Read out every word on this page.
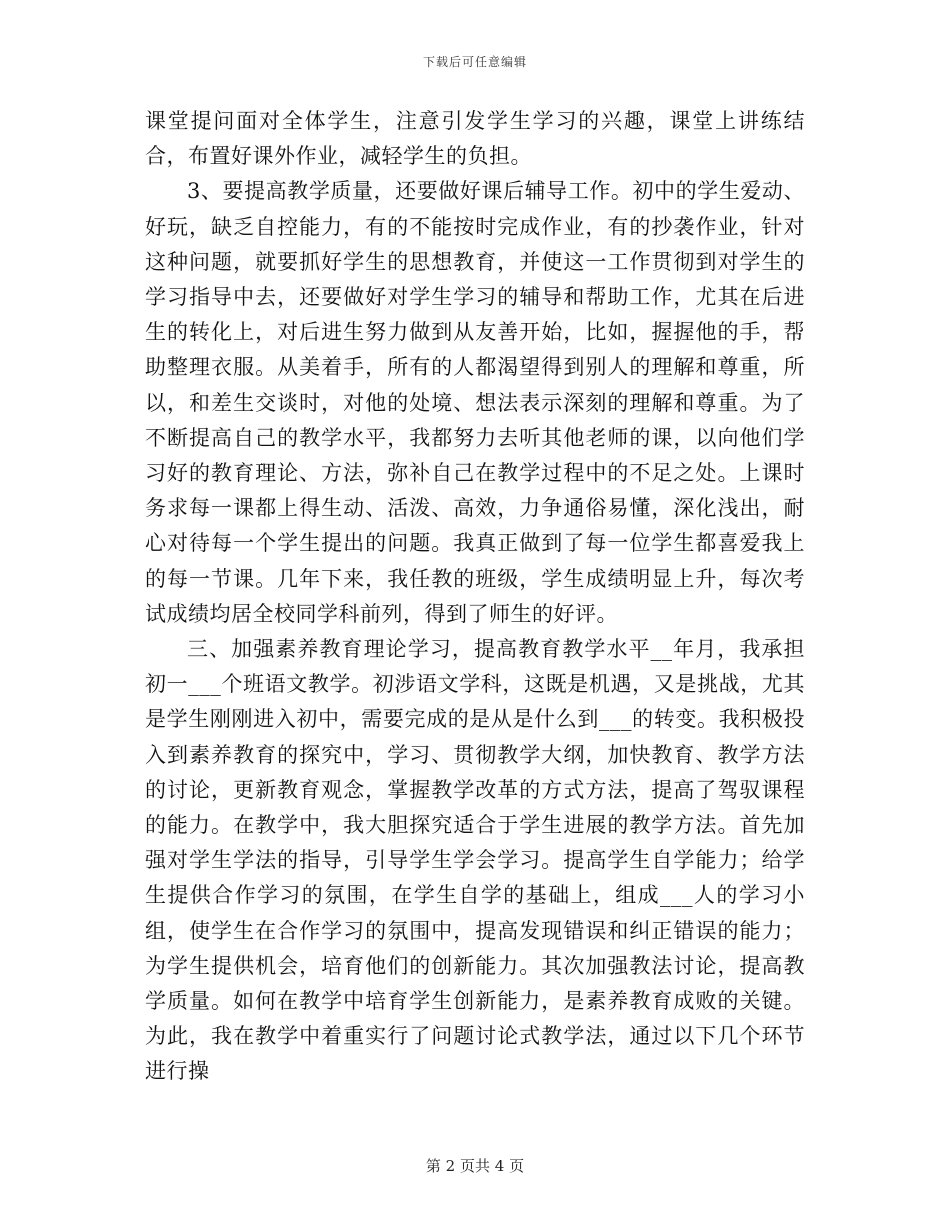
下载后可任意编辑

课堂提问面对全体学生，注意引发学生学习的兴趣，课堂上讲练结合，布置好课外作业，减轻学生的负担。

3、要提高教学质量，还要做好课后辅导工作。初中的学生爱动、好玩，缺乏自控能力，有的不能按时完成作业，有的抄袭作业，针对这种问题，就要抓好学生的思想教育，并使这一工作贯彻到对学生的学习指导中去，还要做好对学生学习的辅导和帮助工作，尤其在后进生的转化上，对后进生努力做到从友善开始，比如，握握他的手，帮助整理衣服。从美着手，所有的人都渴望得到别人的理解和尊重，所以，和差生交谈时，对他的处境、想法表示深刻的理解和尊重。为了不断提高自己的教学水平，我都努力去听其他老师的课，以向他们学习好的教育理论、方法，弥补自己在教学过程中的不足之处。上课时务求每一课都上得生动、活泼、高效，力争通俗易懂，深化浅出，耐心对待每一个学生提出的问题。我真正做到了每一位学生都喜爱我上的每一节课。几年下来，我任教的班级，学生成绩明显上升，每次考试成绩均居全校同学科前列，得到了师生的好评。

三、加强素养教育理论学习，提高教育教学水平__年月，我承担初一___个班语文教学。初涉语文学科，这既是机遇，又是挑战，尤其是学生刚刚进入初中，需要完成的是从是什么到___的转变。我积极投入到素养教育的探究中，学习、贯彻教学大纲，加快教育、教学方法的讨论，更新教育观念，掌握教学改革的方式方法，提高了驾驭课程的能力。在教学中，我大胆探究适合于学生进展的教学方法。首先加强对学生学法的指导，引导学生学会学习。提高学生自学能力；给学生提供合作学习的氛围，在学生自学的基础上，组成___人的学习小组，使学生在合作学习的氛围中，提高发现错误和纠正错误的能力；为学生提供机会，培育他们的创新能力。其次加强教法讨论，提高教学质量。如何在教学中培育学生创新能力，是素养教育成败的关键。为此，我在教学中着重实行了问题讨论式教学法，通过以下几个环节进行操

第 2 页共 4 页
